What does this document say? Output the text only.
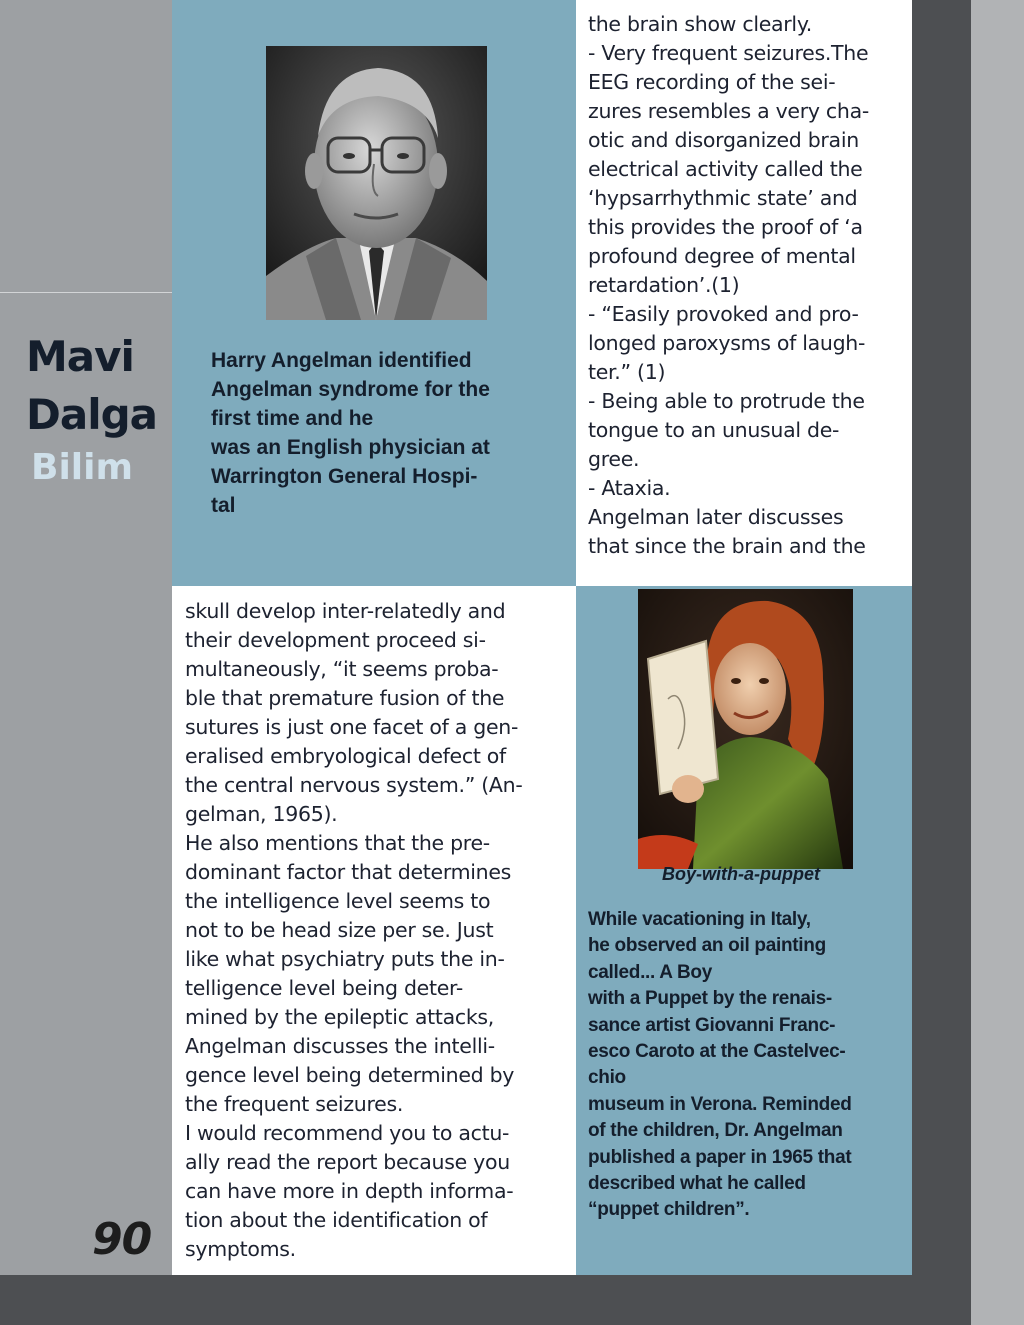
Mavi
Dalga
Bilim
90
Harry Angelman identified
Angelman syndrome for the
first time and he
was an English physician at
Warrington General Hospi-
tal
the brain show clearly.
- Very frequent seizures.The
EEG recording of the sei-
zures resembles a very cha-
otic and disorganized brain
electrical activity called the
‘hypsarrhythmic state’ and
this provides the proof of ‘a
profound degree of mental
retardation’.(1)
- “Easily provoked and pro-
longed paroxysms of laugh-
ter.” (1)
- Being able to protrude the
tongue to an unusual de-
gree.
- Ataxia.
Angelman later discusses
that since the brain and the
skull develop inter-relatedly and
their development proceed si-
multaneously, “it seems proba-
ble that premature fusion of the
sutures is just one facet of a gen-
eralised embryological defect of
the central nervous system.” (An-
gelman, 1965).
He also mentions that the pre-
dominant factor that determines
the intelligence level seems to
not to be head size per se. Just
like what psychiatry puts the in-
telligence level being deter-
mined by the epileptic attacks,
Angelman discusses the intelli-
gence level being determined by
the frequent seizures.
I would recommend you to actu-
ally read the report because you
can have more in depth informa-
tion about the identification of
symptoms.
Boy-with-a-puppet
While vacationing in Italy,
he observed an oil painting
called... A Boy
with a Puppet by the renais-
sance artist Giovanni Franc-
esco Caroto at the Castelvec-
chio
museum in Verona. Reminded
of the children, Dr. Angelman
published a paper in 1965 that
described what he called
“puppet children”.
